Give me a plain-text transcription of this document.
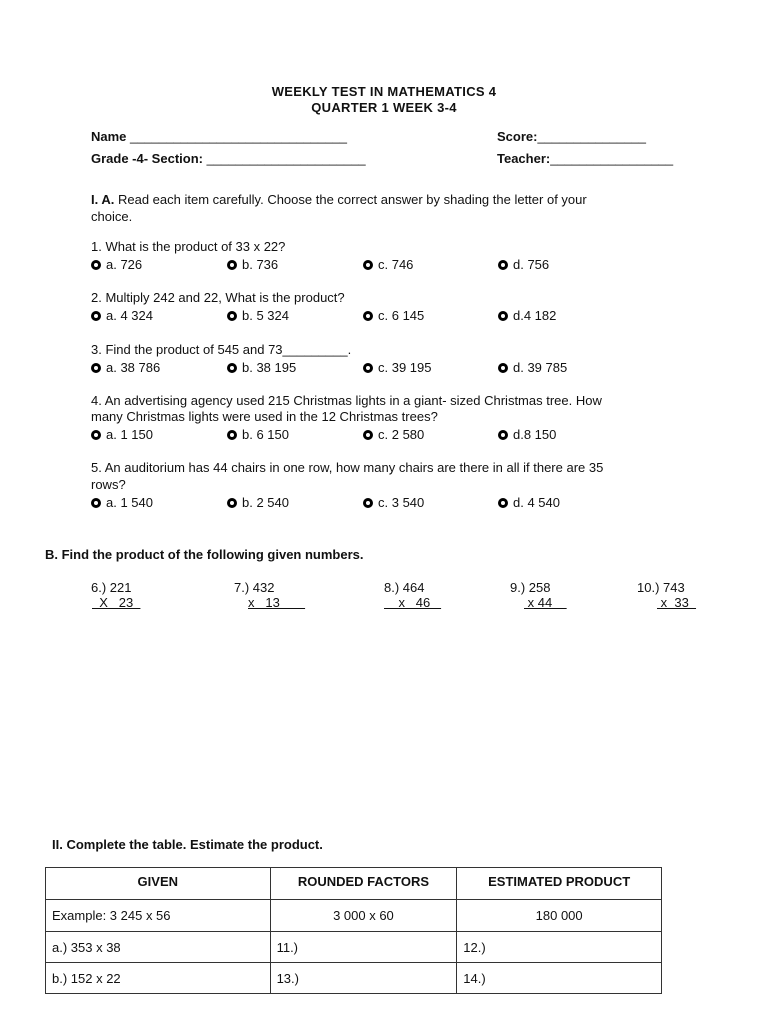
WEEKLY TEST IN MATHEMATICS 4
QUARTER 1 WEEK 3-4
Name ______________________________	Score:_______________
Grade -4- Section: ______________________	Teacher:_________________
I. A. Read each item carefully. Choose the correct answer by shading the letter of your
choice.
1. What is the product of 33 x 22?
a. 726	b. 736	c. 746	d. 756
2. Multiply 242 and 22, What is the product?
a. 4 324	b. 5 324	c. 6 145	d.4 182
3. Find the product of 545 and 73_________.
a. 38 786	b. 38 195	c. 39 195	d. 39 785
4. An advertising agency used 215 Christmas lights in a giant- sized Christmas tree. How
many Christmas lights were used in the 12 Christmas trees?
a. 1 150	b. 6 150	c. 2 580	d.8 150
5. An auditorium has 44 chairs in one row, how many chairs are there in all if there are 35
rows?
a. 1 540	b. 2 540	c. 3 540	d. 4 540
B. Find the product of the following given numbers.
6.) 221
X   23
7.) 432
x   13
8.) 464
x   46
9.) 258
x 44
10.) 743
x  33
II. Complete the table. Estimate the product.
GIVEN	ROUNDED FACTORS	ESTIMATED PRODUCT
Example: 3 245 x 56	3 000 x 60	180 000
a.) 353 x 38	11.)	12.)
b.) 152 x 22	13.)	14.)
